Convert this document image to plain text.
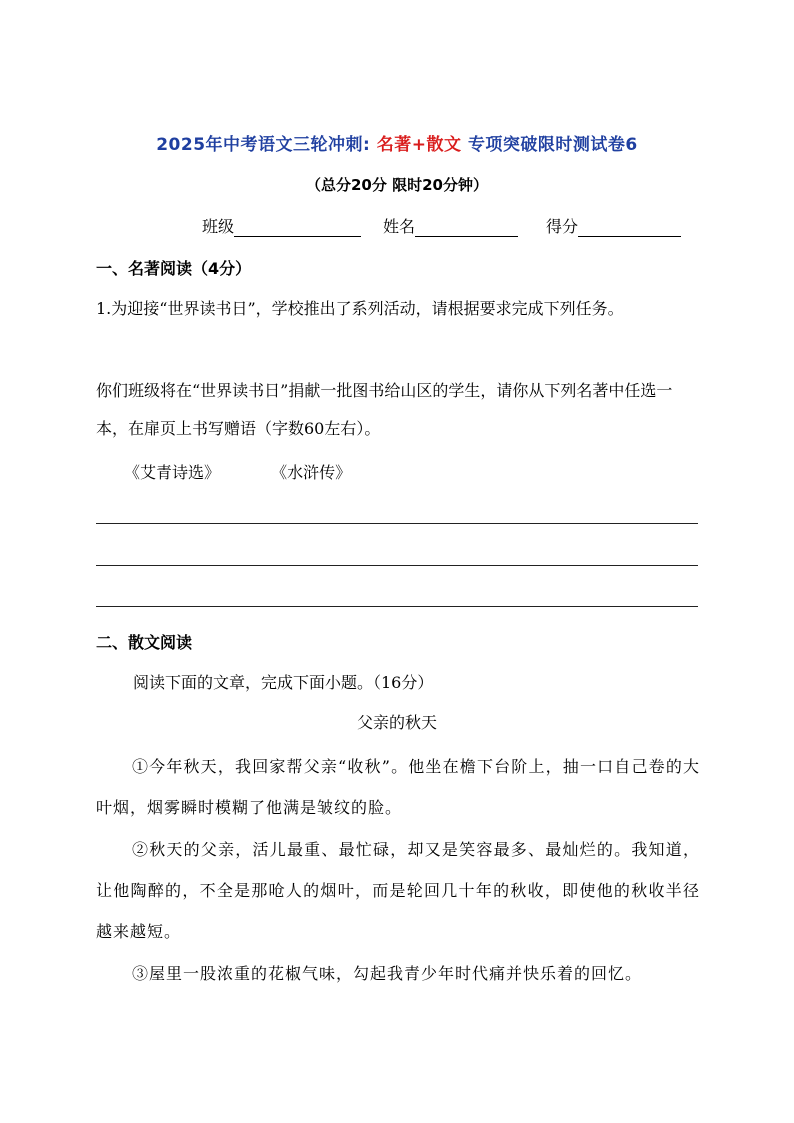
2025年中考语文三轮冲刺: 名著+散文 专项突破限时测试卷6
（总分20分 限时20分钟）
班级	姓名	得分
一、名著阅读（4分）
1.为迎接“世界读书日”，学校推出了系列活动，请根据要求完成下列任务。
你们班级将在“世界读书日”捐献一批图书给山区的学生，请你从下列名著中任选一本，在扉页上书写赠语（字数60左右）。
《艾青诗选》	《水浒传》
二、散文阅读
阅读下面的文章，完成下面小题。（16分）
父亲的秋天
①今年秋天，我回家帮父亲“收秋”。他坐在檐下台阶上，抽一口自己卷的大叶烟，烟雾瞬时模糊了他满是皱纹的脸。
②秋天的父亲，活儿最重、最忙碌，却又是笑容最多、最灿烂的。我知道，让他陶醉的，不全是那呛人的烟叶，而是轮回几十年的秋收，即使他的秋收半径越来越短。
③屋里一股浓重的花椒气味，勾起我青少年时代痛并快乐着的回忆。
